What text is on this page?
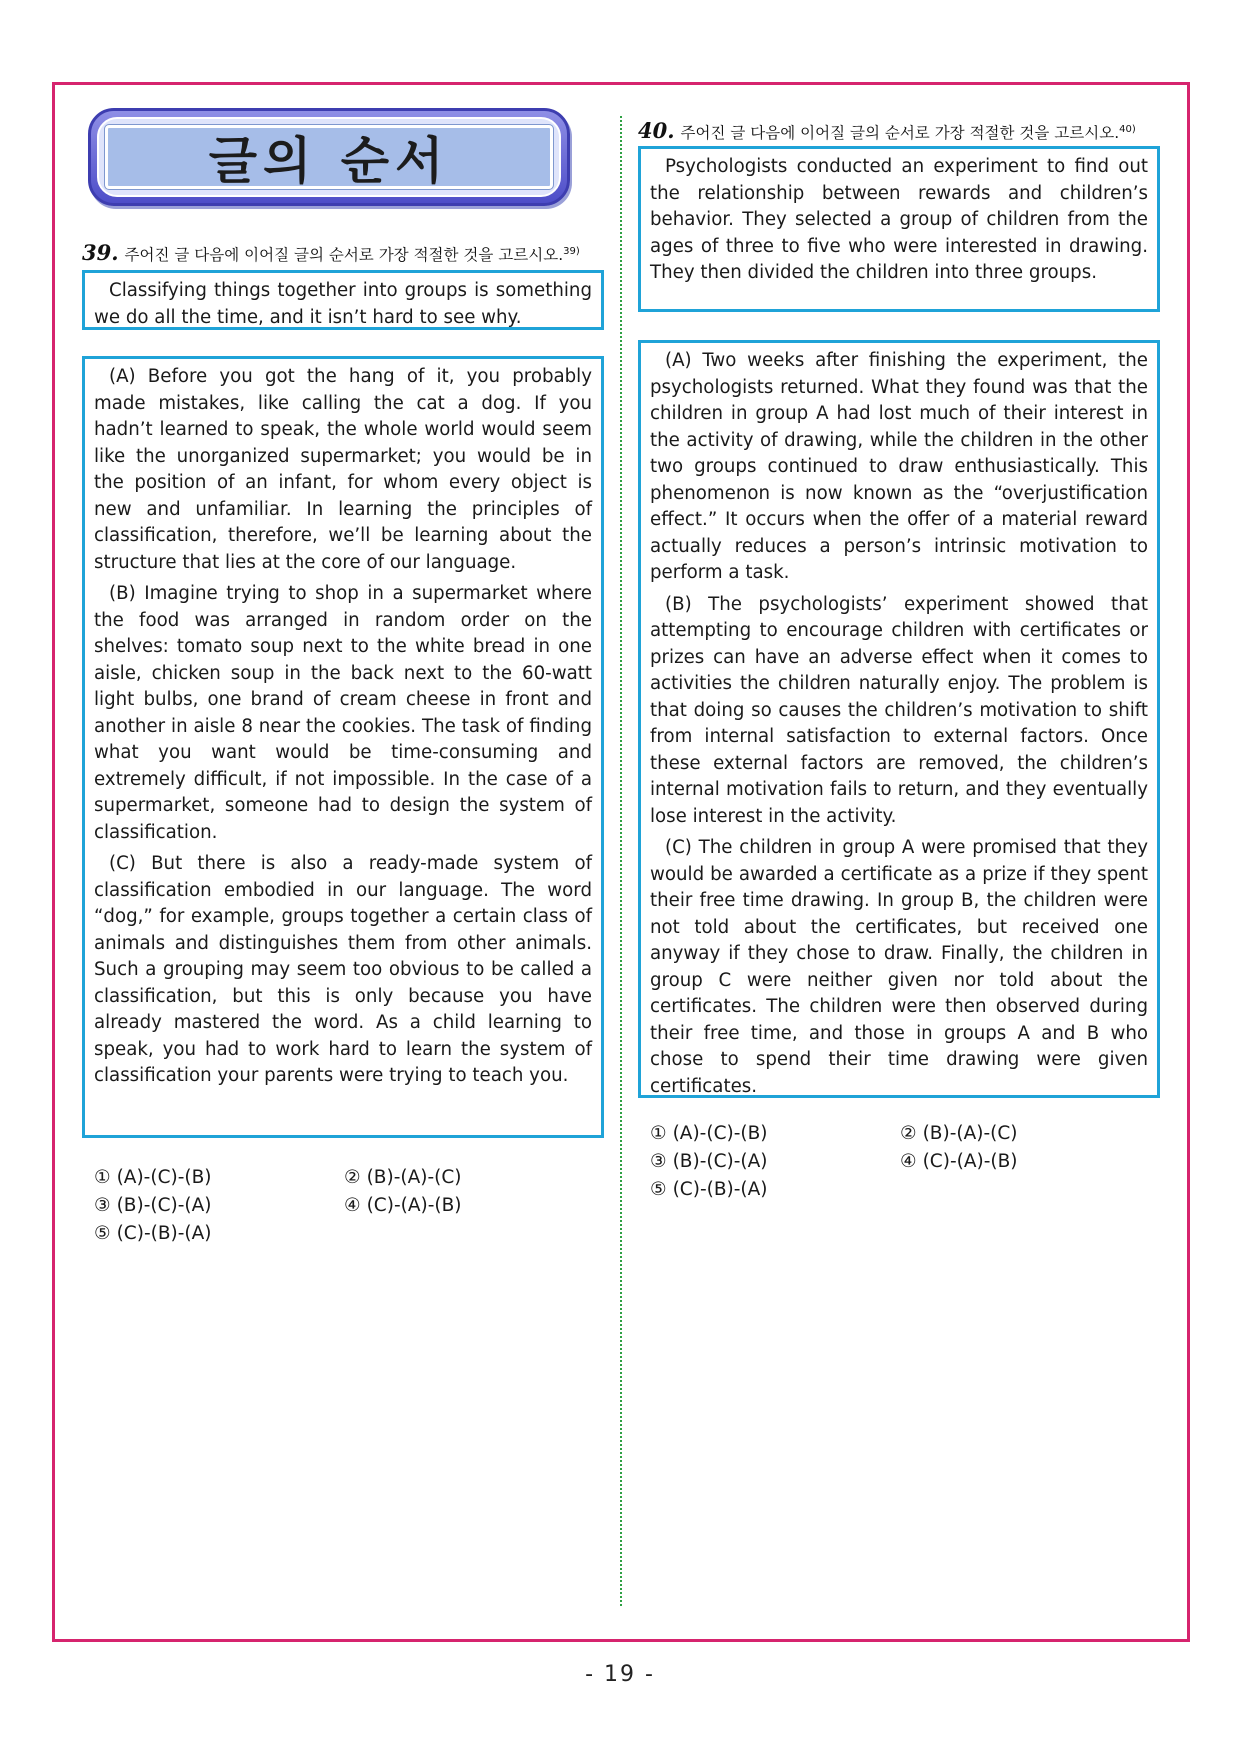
글의 순서
39. 주어진 글 다음에 이어질 글의 순서로 가장 적절한 것을 고르시오.$^{39)}$

Classifying things together into groups is something we do all the time, and it isn’t hard to see why.

(A) Before you got the hang of it, you probably made mistakes, like calling the cat a dog. If you hadn’t learned to speak, the whole world would seem like the unorganized supermarket; you would be in the position of an infant, for whom every object is new and unfamiliar. In learning the principles of classification, therefore, we’ll be learning about the structure that lies at the core of our language.

(B) Imagine trying to shop in a supermarket where the food was arranged in random order on the shelves: tomato soup next to the white bread in one aisle, chicken soup in the back next to the 60-watt light bulbs, one brand of cream cheese in front and another in aisle 8 near the cookies. The task of finding what you want would be time-consuming and extremely difficult, if not impossible. In the case of a supermarket, someone had to design the system of classification.

(C) But there is also a ready-made system of classification embodied in our language. The word “dog,” for example, groups together a certain class of animals and distinguishes them from other animals. Such a grouping may seem too obvious to be called a classification, but this is only because you have already mastered the word. As a child learning to speak, you had to work hard to learn the system of classification your parents were trying to teach you.

① (A)-(C)-(B)	② (B)-(A)-(C)
③ (B)-(C)-(A)	④ (C)-(A)-(B)
⑤ (C)-(B)-(A)
40. 주어진 글 다음에 이어질 글의 순서로 가장 적절한 것을 고르시오.$^{40)}$

Psychologists conducted an experiment to find out the relationship between rewards and children’s behavior. They selected a group of children from the ages of three to five who were interested in drawing. They then divided the children into three groups.

(A) Two weeks after finishing the experiment, the psychologists returned. What they found was that the children in group A had lost much of their interest in the activity of drawing, while the children in the other two groups continued to draw enthusiastically. This phenomenon is now known as the “overjustification effect.” It occurs when the offer of a material reward actually reduces a person’s intrinsic motivation to perform a task.

(B) The psychologists’ experiment showed that attempting to encourage children with certificates or prizes can have an adverse effect when it comes to activities the children naturally enjoy. The problem is that doing so causes the children’s motivation to shift from internal satisfaction to external factors. Once these external factors are removed, the children’s internal motivation fails to return, and they eventually lose interest in the activity.

(C) The children in group A were promised that they would be awarded a certificate as a prize if they spent their free time drawing. In group B, the children were not told about the certificates, but received one anyway if they chose to draw. Finally, the children in group C were neither given nor told about the certificates. The children were then observed during their free time, and those in groups A and B who chose to spend their time drawing were given certificates.

① (A)-(C)-(B)	② (B)-(A)-(C)
③ (B)-(C)-(A)	④ (C)-(A)-(B)
⑤ (C)-(B)-(A)
- 19 -
